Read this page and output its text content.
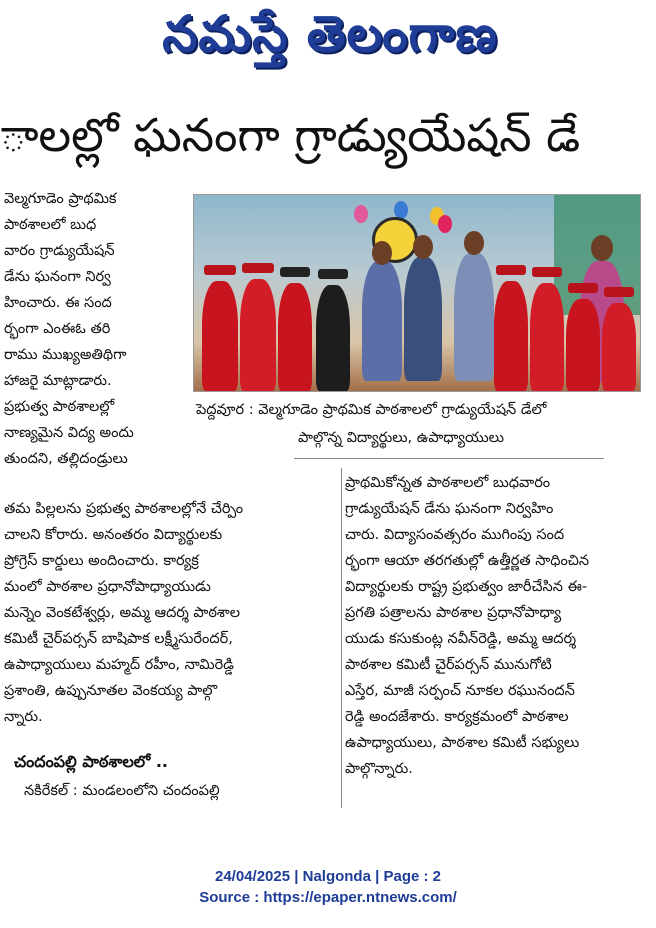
నమస్తే తెలంగాణ
ాలల్లో ఘనంగా గ్రాడ్యుయేషన్ డే

వెల్మగూడెం ప్రాథమిక

పాఠశాలలో బుధ

వారం గ్రాడ్యుయేషన్

డేను ఘనంగా నిర్వ

హించారు. ఈ సంద

ర్భంగా ఎంఈఓ తరి

రాము ముఖ్యఅతిథిగా

హాజరై మాట్లాడారు.

ప్రభుత్వ పాఠశాలల్లో

నాణ్యమైన విద్య అందు

తుందని, తల్లిదండ్రులు

పెద్దవూర : వెల్మగూడెం ప్రాథమిక పాఠశాలలో గ్రాడ్యుయేషన్ డేలో
పాల్గొన్న విద్యార్థులు, ఉపాధ్యాయులు

తమ పిల్లలను ప్రభుత్వ పాఠశాలల్లోనే చేర్పిం

చాలని కోరారు. అనంతరం విద్యార్థులకు

ప్రోగ్రెస్ కార్డులు అందించారు. కార్యక్ర

మంలో పాఠశాల ప్రధానోపాధ్యాయుడు

మన్నెం వెంకటేశ్వర్లు, అమ్మ ఆదర్శ పాఠశాల

కమిటీ చైర్‌పర్సన్ బాషిపాక లక్ష్మీసురేందర్,

ఉపాధ్యాయులు మహ్మద్ రహీం, నామిరెడ్డి

ప్రశాంతి, ఉప్పునూతల వెంకయ్య పాల్గొ

న్నారు.

చందంపల్లి పాఠశాలలో ..

నకిరేకల్ : మండలంలోని చందంపల్లి

ప్రాథమికోన్నత పాఠశాలలో బుధవారం

గ్రాడ్యుయేషన్ డేను ఘనంగా నిర్వహిం

చారు. విద్యాసంవత్సరం ముగింపు సంద

ర్భంగా ఆయా తరగతుల్లో ఉత్తీర్ణత సాధించిన

విద్యార్థులకు రాష్ట్ర ప్రభుత్వం జారీచేసిన ఈ-

ప్రగతి పత్రాలను పాఠశాల ప్రధానోపాధ్యా

యుడు కసుకుంట్ల నవీన్‌రెడ్డి, అమ్మ ఆదర్శ

పాఠశాల కమిటీ చైర్‌పర్సన్ మునుగోటి

ఎస్తేర, మాజీ సర్పంచ్ నూకల రఘునందన్

రెడ్డి అందజేశారు. కార్యక్రమంలో పాఠశాల

ఉపాధ్యాయులు, పాఠశాల కమిటీ సభ్యులు

పాల్గొన్నారు.

24/04/2025 | Nalgonda | Page : 2
Source : https://epaper.ntnews.com/
